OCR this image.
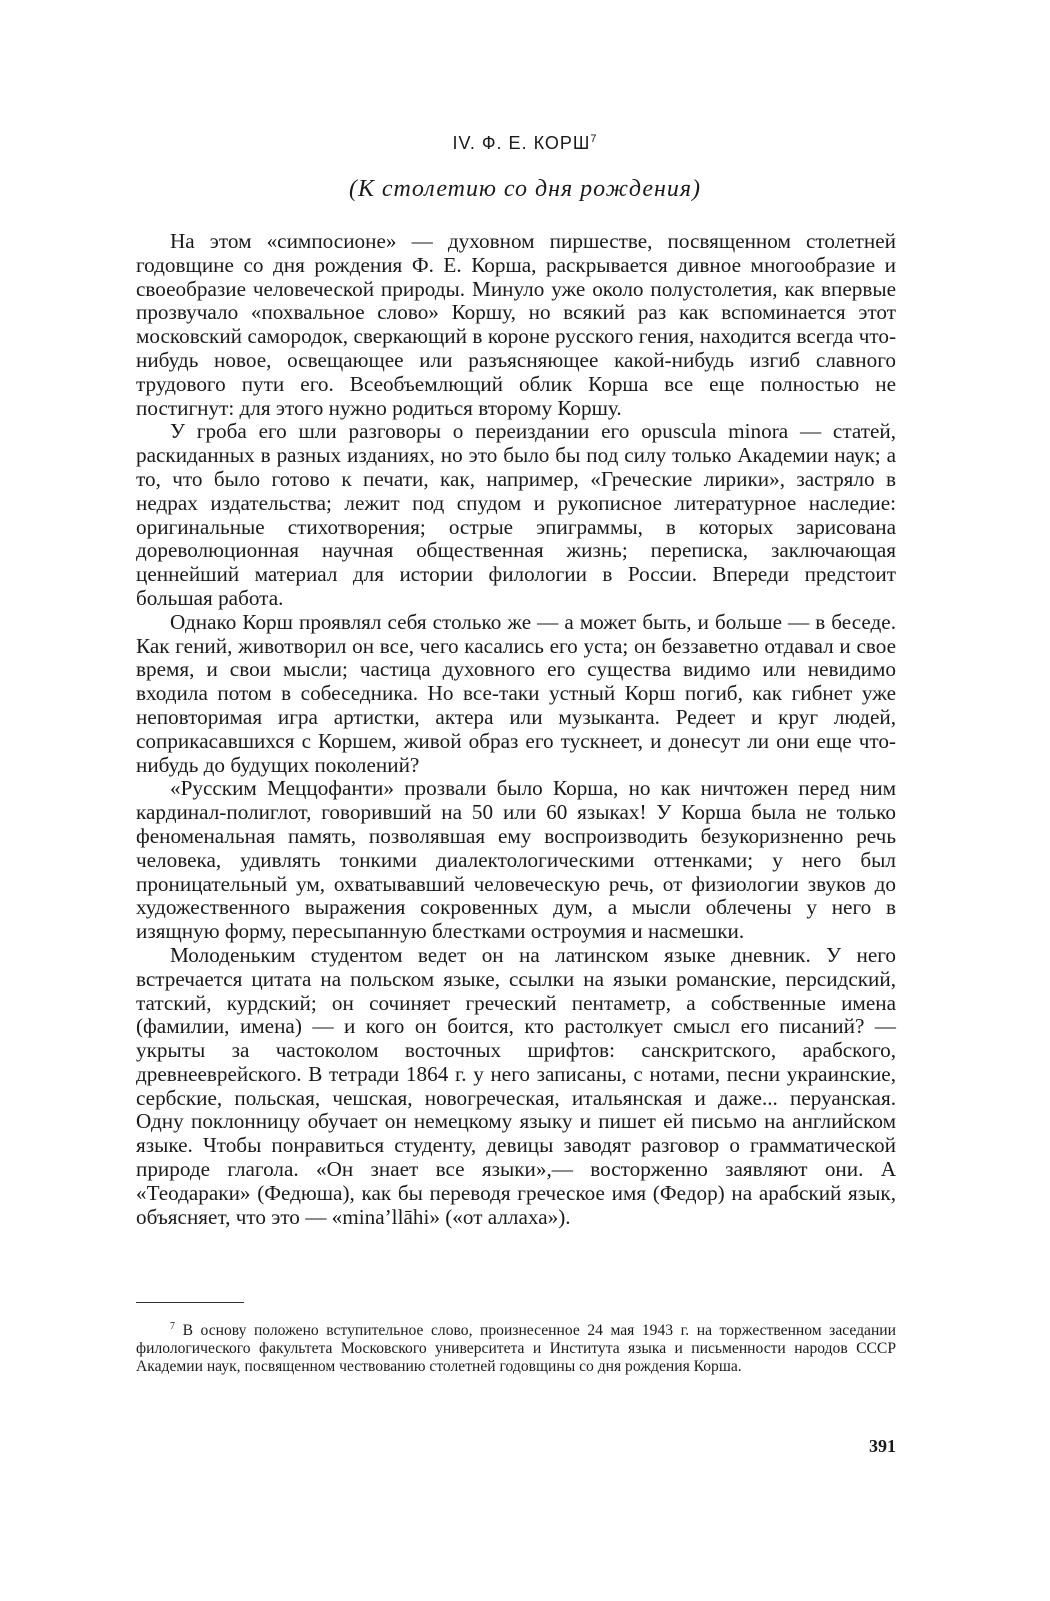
IV. Ф. Е. КОРШ$^7$
(К столетию со дня рождения)

На этом «симпосионе» — духовном пиршестве, посвященном столетней годовщине со дня рождения Ф. Е. Корша, раскрывается дивное многообразие и своеобразие человеческой природы. Минуло уже около полустолетия, как впервые прозвучало «похвальное слово» Коршу, но всякий раз как вспоминается этот московский самородок, сверкающий в короне русского гения, находится всегда что-нибудь новое, освещающее или разъясняющее какой-нибудь изгиб славного трудового пути его. Всеобъемлющий облик Корша все еще полностью не постигнут: для этого нужно родиться второму Коршу.

У гроба его шли разговоры о переиздании его opuscula minora — статей, раскиданных в разных изданиях, но это было бы под силу только Академии наук; а то, что было готово к печати, как, например, «Греческие лирики», застряло в недрах издательства; лежит под спудом и рукописное литературное наследие: оригинальные стихотворения; острые эпиграммы, в которых зарисована дореволюционная научная общественная жизнь; переписка, заключающая ценнейший материал для истории филологии в России. Впереди предстоит большая работа.

Однако Корш проявлял себя столько же — а может быть, и больше — в беседе. Как гений, животворил он все, чего касались его уста; он беззаветно отдавал и свое время, и свои мысли; частица духовного его существа видимо или невидимо входила потом в собеседника. Но все-таки устный Корш погиб, как гибнет уже неповторимая игра артистки, актера или музыканта. Редеет и круг людей, соприкасавшихся с Коршем, живой образ его тускнеет, и донесут ли они еще что-нибудь до будущих поколений?

«Русским Меццофанти» прозвали было Корша, но как ничтожен перед ним кардинал-полиглот, говоривший на 50 или 60 языках! У Корша была не только феноменальная память, позволявшая ему воспроизводить безукоризненно речь человека, удивлять тонкими диалектологическими оттенками; у него был проницательный ум, охватывавший человеческую речь, от физиологии звуков до художественного выражения сокровенных дум, а мысли облечены у него в изящную форму, пересыпанную блестками остроумия и насмешки.

Молоденьким студентом ведет он на латинском языке дневник. У него встречается цитата на польском языке, ссылки на языки романские, персидский, татский, курдский; он сочиняет греческий пентаметр, а собственные имена (фамилии, имена) — и кого он боится, кто растолкует смысл его писаний? — укрыты за частоколом восточных шрифтов: санскритского, арабского, древнееврейского. В тетради 1864 г. у него записаны, с нотами, песни украинские, сербские, польская, чешская, новогреческая, итальянская и даже... перуанская. Одну поклонницу обучает он немецкому языку и пишет ей письмо на английском языке. Чтобы понравиться студенту, девицы заводят разговор о грамматической природе глагола. «Он знает все языки»,— восторженно заявляют они. А «Теодараки» (Федюша), как бы переводя греческое имя (Федор) на арабский язык, объясняет, что это — «mina’llāhi» («от аллаха»).

$^7$ В основу положено вступительное слово, произнесенное 24 мая 1943 г. на торжественном заседании филологического факультета Московского университета и Института языка и письменности народов СССР Академии наук, посвященном чествованию столетней годовщины со дня рождения Корша.
391
